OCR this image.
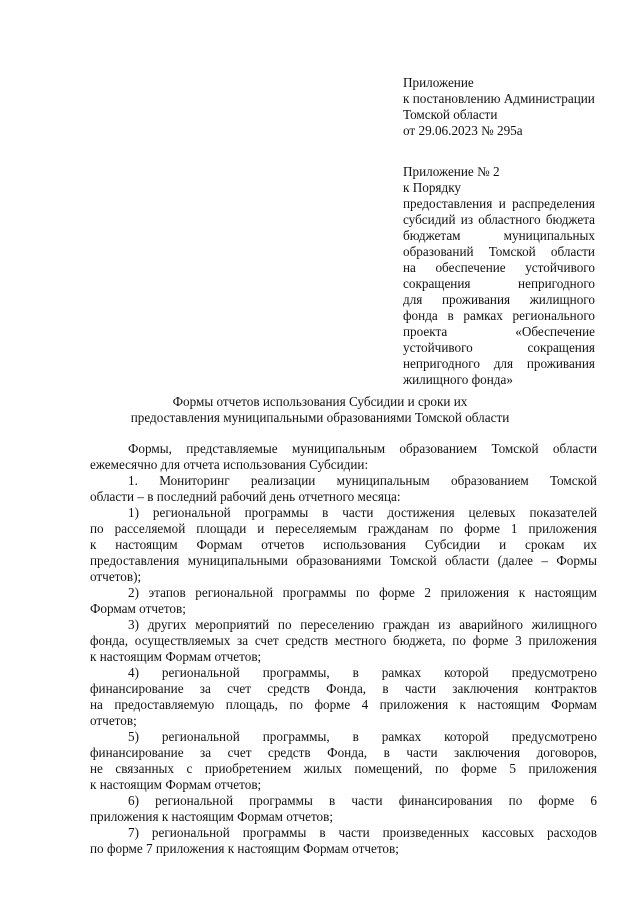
Приложение
к постановлению Администрации
Томской области
от 29.06.2023 № 295а
Приложение № 2
к Порядку
предоставления и распределения
субсидий из областного бюджета
бюджетам муниципальных
образований Томской области
на обеспечение устойчивого
сокращения непригодного
для проживания жилищного
фонда в рамках регионального
проекта «Обеспечение
устойчивого сокращения
непригодного для проживания
жилищного фонда»
Формы отчетов использования Субсидии и сроки их
предоставления муниципальными образованиями Томской области
Формы, представляемые муниципальным образованием Томской области
ежемесячно для отчета использования Субсидии:
1. Мониторинг реализации муниципальным образованием Томской
области – в последний рабочий день отчетного месяца:
1) региональной программы в части достижения целевых показателей
по расселяемой площади и переселяемым гражданам по форме 1 приложения
к настоящим Формам отчетов использования Субсидии и срокам их
предоставления муниципальными образованиями Томской области (далее – Формы
отчетов);
2) этапов региональной программы по форме 2 приложения к настоящим
Формам отчетов;
3) других мероприятий по переселению граждан из аварийного жилищного
фонда, осуществляемых за счет средств местного бюджета, по форме 3 приложения
к настоящим Формам отчетов;
4) региональной программы, в рамках которой предусмотрено
финансирование за счет средств Фонда, в части заключения контрактов
на предоставляемую площадь, по форме 4 приложения к настоящим Формам
отчетов;
5) региональной программы, в рамках которой предусмотрено
финансирование за счет средств Фонда, в части заключения договоров,
не связанных с приобретением жилых помещений, по форме 5 приложения
к настоящим Формам отчетов;
6) региональной программы в части финансирования по форме 6
приложения к настоящим Формам отчетов;
7) региональной программы в части произведенных кассовых расходов
по форме 7 приложения к настоящим Формам отчетов;
